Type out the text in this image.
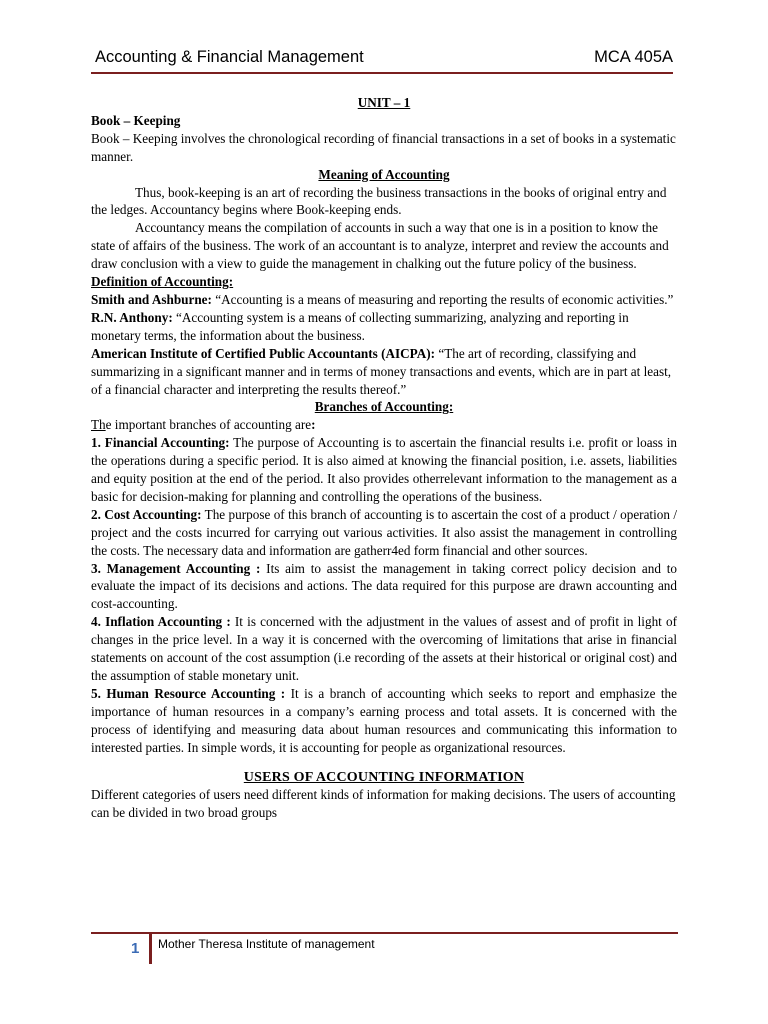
Accounting & Financial Management	MCA 405A

UNIT – 1

Book – Keeping

Book – Keeping involves the chronological recording of financial transactions in a set of books in a systematic manner.

Meaning of Accounting

Thus, book-keeping is an art of recording the business transactions in the books of original entry and the ledges. Accountancy begins where Book-keeping ends.

Accountancy means the compilation of accounts in such a way that one is in a position to know the state of affairs of the business. The work of an accountant is to analyze, interpret and review the accounts and draw conclusion with a view to guide the management in chalking out the future policy of the business.

Definition of Accounting:

Smith and Ashburne: “Accounting is a means of measuring and reporting the results of economic activities.”

R.N. Anthony: “Accounting system is a means of collecting summarizing, analyzing and reporting in monetary terms, the information about the business.

American Institute of Certified Public Accountants (AICPA): “The art of recording, classifying and summarizing in a significant manner and in terms of money transactions and events, which are in part at least, of a financial character and interpreting the results thereof.”

Branches of Accounting:

The important branches of accounting are:

1. Financial Accounting: The purpose of Accounting is to ascertain the financial results i.e. profit or loass in the operations during a specific period. It is also aimed at knowing the financial position, i.e. assets, liabilities and equity position at the end of the period. It also provides otherrelevant information to the management as a basic for decision-making for planning and controlling the operations of the business.

2. Cost Accounting: The purpose of this branch of accounting is to ascertain the cost of a product / operation / project and the costs incurred for carrying out various activities. It also assist the management in controlling the costs. The necessary data and information are gatherr4ed form financial and other sources.

3. Management Accounting : Its aim to assist the management in taking correct policy decision and to evaluate the impact of its decisions and actions. The data required for this purpose are drawn accounting and cost-accounting.

4. Inflation Accounting : It is concerned with the adjustment in the values of assest and of profit in light of changes in the price level. In a way it is concerned with the overcoming of limitations that arise in financial statements on account of the cost assumption (i.e recording of the assets at their historical or original cost) and the assumption of stable monetary unit.

5. Human Resource Accounting : It is a branch of accounting which seeks to report and emphasize the importance of human resources in a company’s earning process and total assets. It is concerned with the process of identifying and measuring data about human resources and communicating this information to interested parties. In simple words, it is accounting for people as organizational resources.

USERS OF ACCOUNTING INFORMATION

Different categories of users need different kinds of information for making decisions. The users of accounting can be divided in two broad groups

1 Mother Theresa Institute of management
